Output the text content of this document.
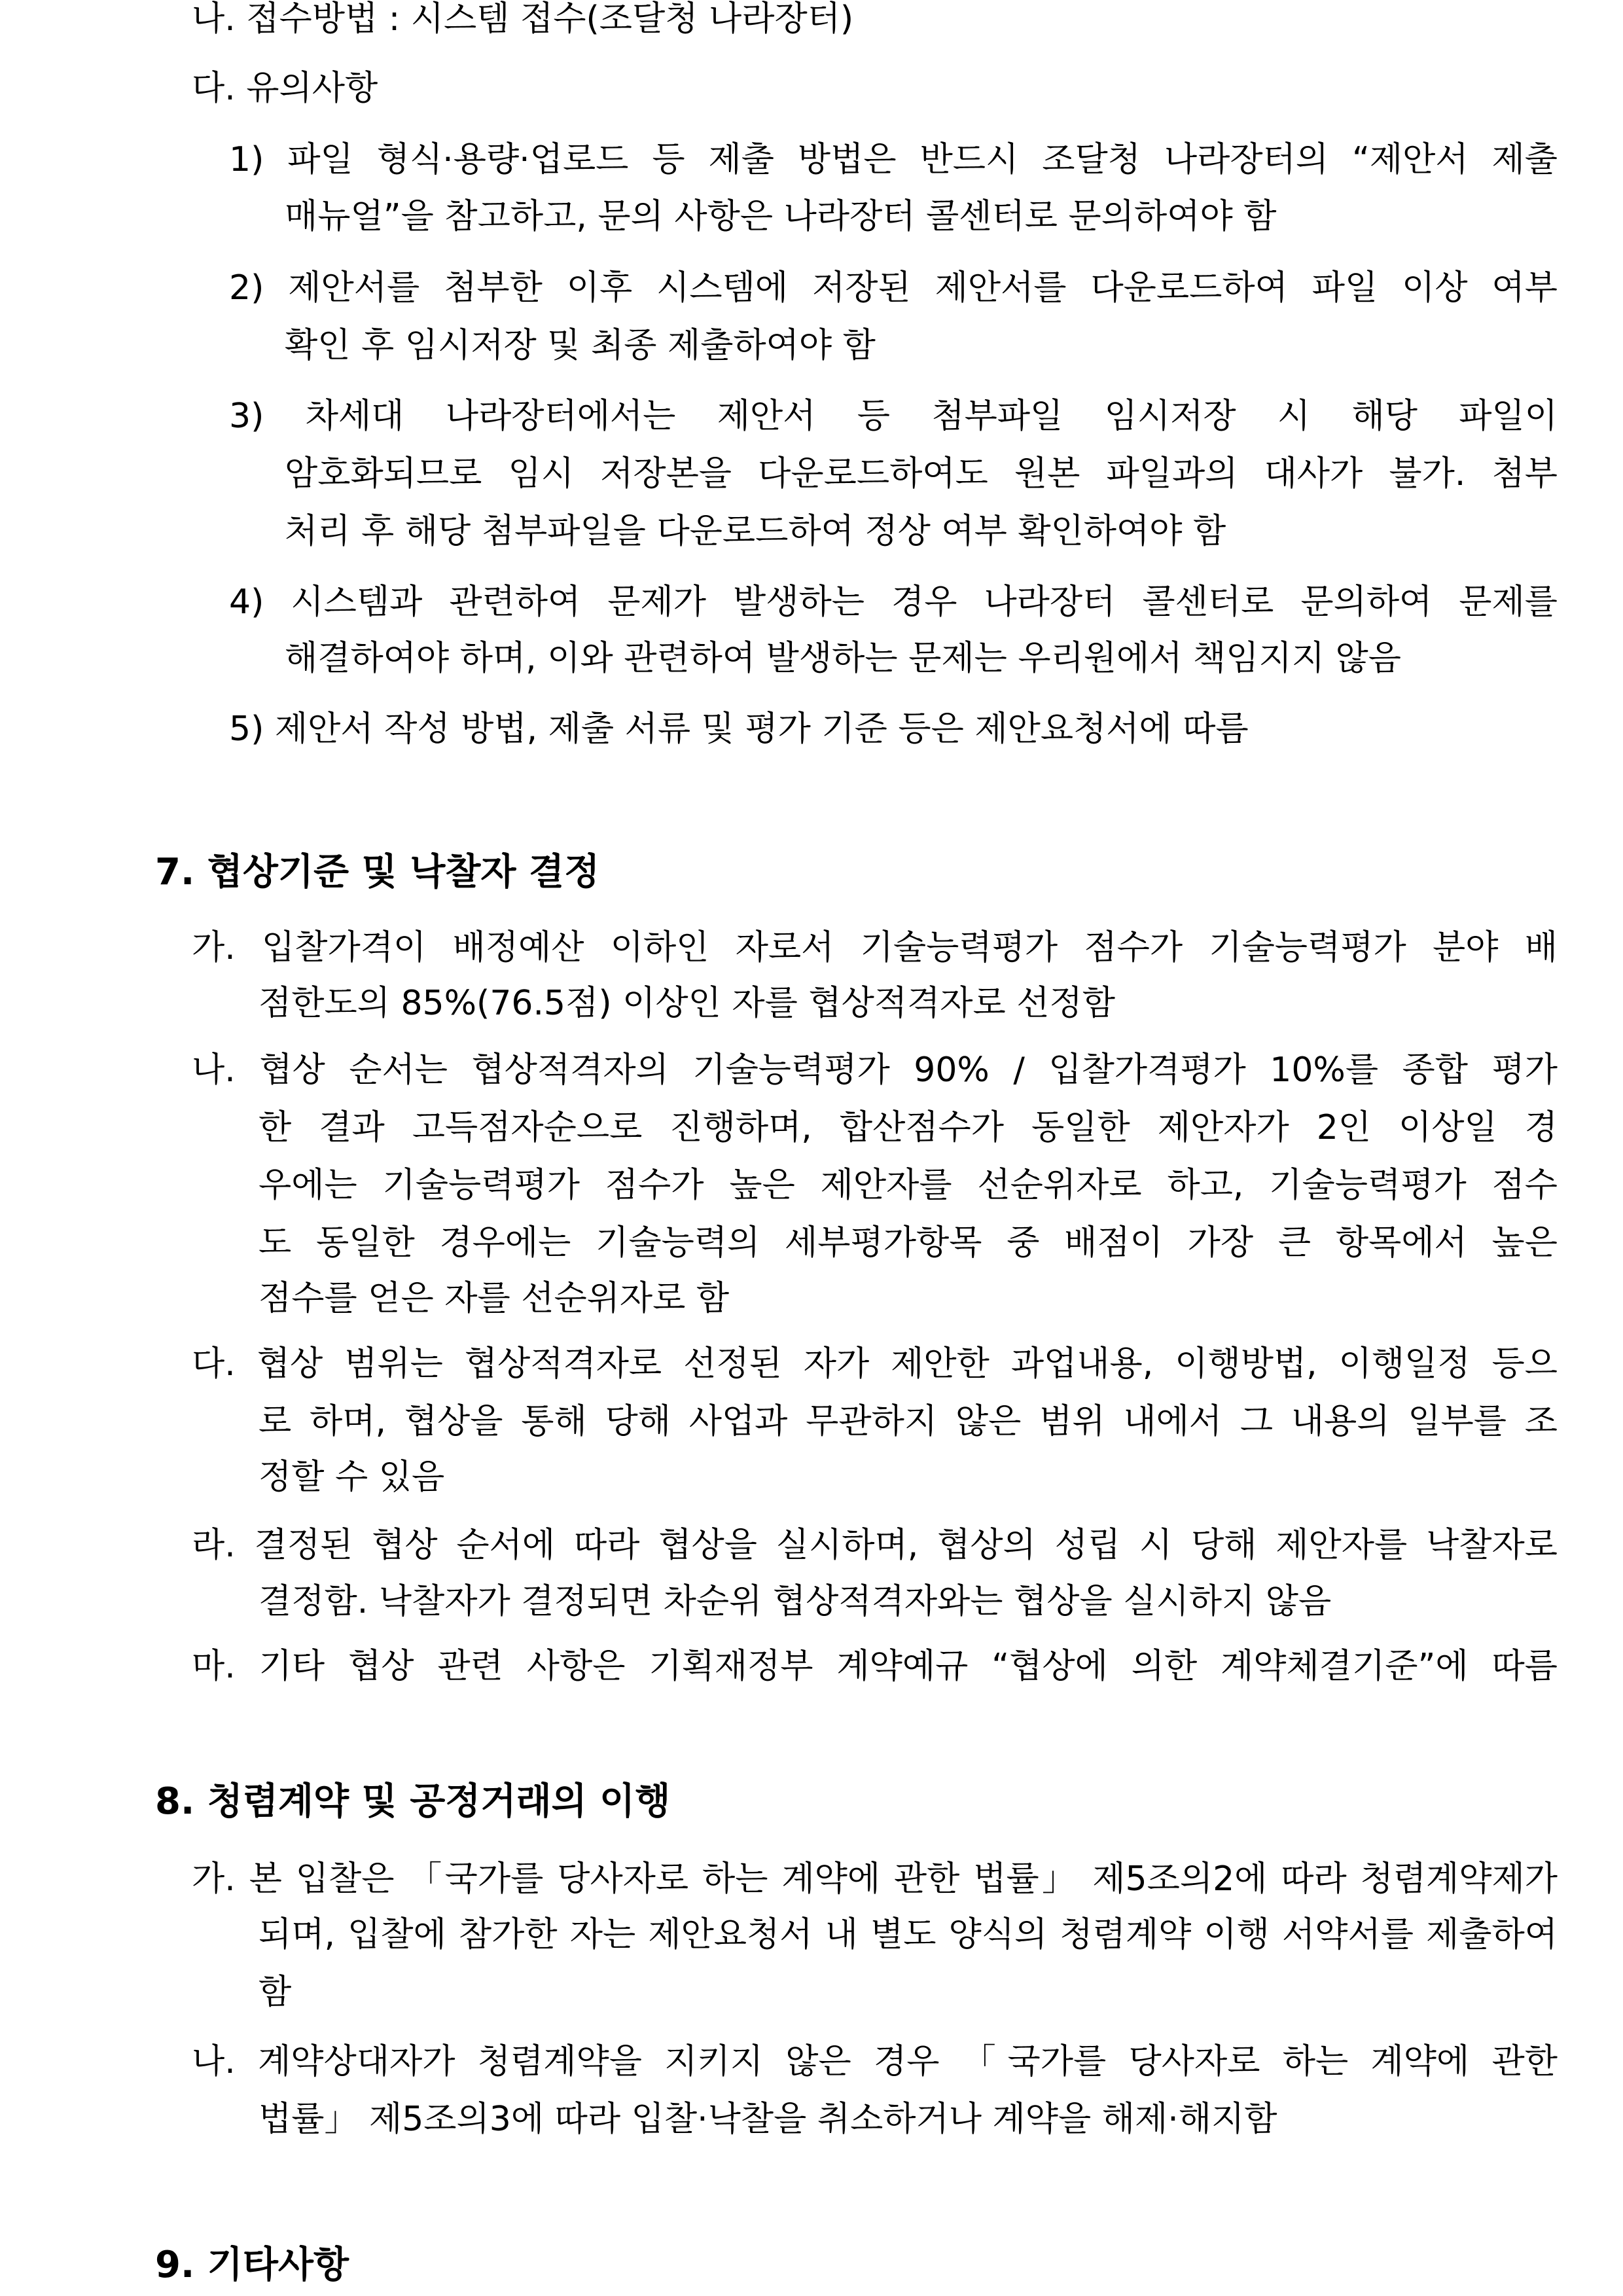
나. 접수방법 : 시스템 접수(조달청 나라장터)
다. 유의사항
1) 파일 형식·용량·업로드 등 제출 방법은 반드시 조달청 나라장터의 “제안서 제출
매뉴얼”을 참고하고, 문의 사항은 나라장터 콜센터로 문의하여야 함
2) 제안서를 첨부한 이후 시스템에 저장된 제안서를 다운로드하여 파일 이상 여부
확인 후 임시저장 및 최종 제출하여야 함
3) 차세대 나라장터에서는 제안서 등 첨부파일 임시저장 시 해당 파일이
암호화되므로 임시 저장본을 다운로드하여도 원본 파일과의 대사가 불가. 첨부
처리 후 해당 첨부파일을 다운로드하여 정상 여부 확인하여야 함
4) 시스템과 관련하여 문제가 발생하는 경우 나라장터 콜센터로 문의하여 문제를
해결하여야 하며, 이와 관련하여 발생하는 문제는 우리원에서 책임지지 않음
5) 제안서 작성 방법, 제출 서류 및 평가 기준 등은 제안요청서에 따름
7. 협상기준 및 낙찰자 결정
가. 입찰가격이 배정예산 이하인 자로서 기술능력평가 점수가 기술능력평가 분야 배
점한도의 85%(76.5점) 이상인 자를 협상적격자로 선정함
나. 협상 순서는 협상적격자의 기술능력평가 90% / 입찰가격평가 10%를 종합 평가
한 결과 고득점자순으로 진행하며, 합산점수가 동일한 제안자가 2인 이상일 경
우에는 기술능력평가 점수가 높은 제안자를 선순위자로 하고, 기술능력평가 점수
도 동일한 경우에는 기술능력의 세부평가항목 중 배점이 가장 큰 항목에서 높은
점수를 얻은 자를 선순위자로 함
다. 협상 범위는 협상적격자로 선정된 자가 제안한 과업내용, 이행방법, 이행일정 등으
로 하며, 협상을 통해 당해 사업과 무관하지 않은 범위 내에서 그 내용의 일부를 조
정할 수 있음
라. 결정된 협상 순서에 따라 협상을 실시하며, 협상의 성립 시 당해 제안자를 낙찰자로
결정함. 낙찰자가 결정되면 차순위 협상적격자와는 협상을 실시하지 않음
마. 기타 협상 관련 사항은 기획재정부 계약예규 “협상에 의한 계약체결기준”에 따름
8. 청렴계약 및 공정거래의 이행
가. 본 입찰은 「국가를 당사자로 하는 계약에 관한 법률」 제5조의2에 따라 청렴계약제가
되며, 입찰에 참가한 자는 제안요청서 내 별도 양식의 청렴계약 이행 서약서를 제출하여
함
나. 계약상대자가 청렴계약을 지키지 않은 경우 「국가를 당사자로 하는 계약에 관한
법률」 제5조의3에 따라 입찰·낙찰을 취소하거나 계약을 해제·해지함
9. 기타사항
